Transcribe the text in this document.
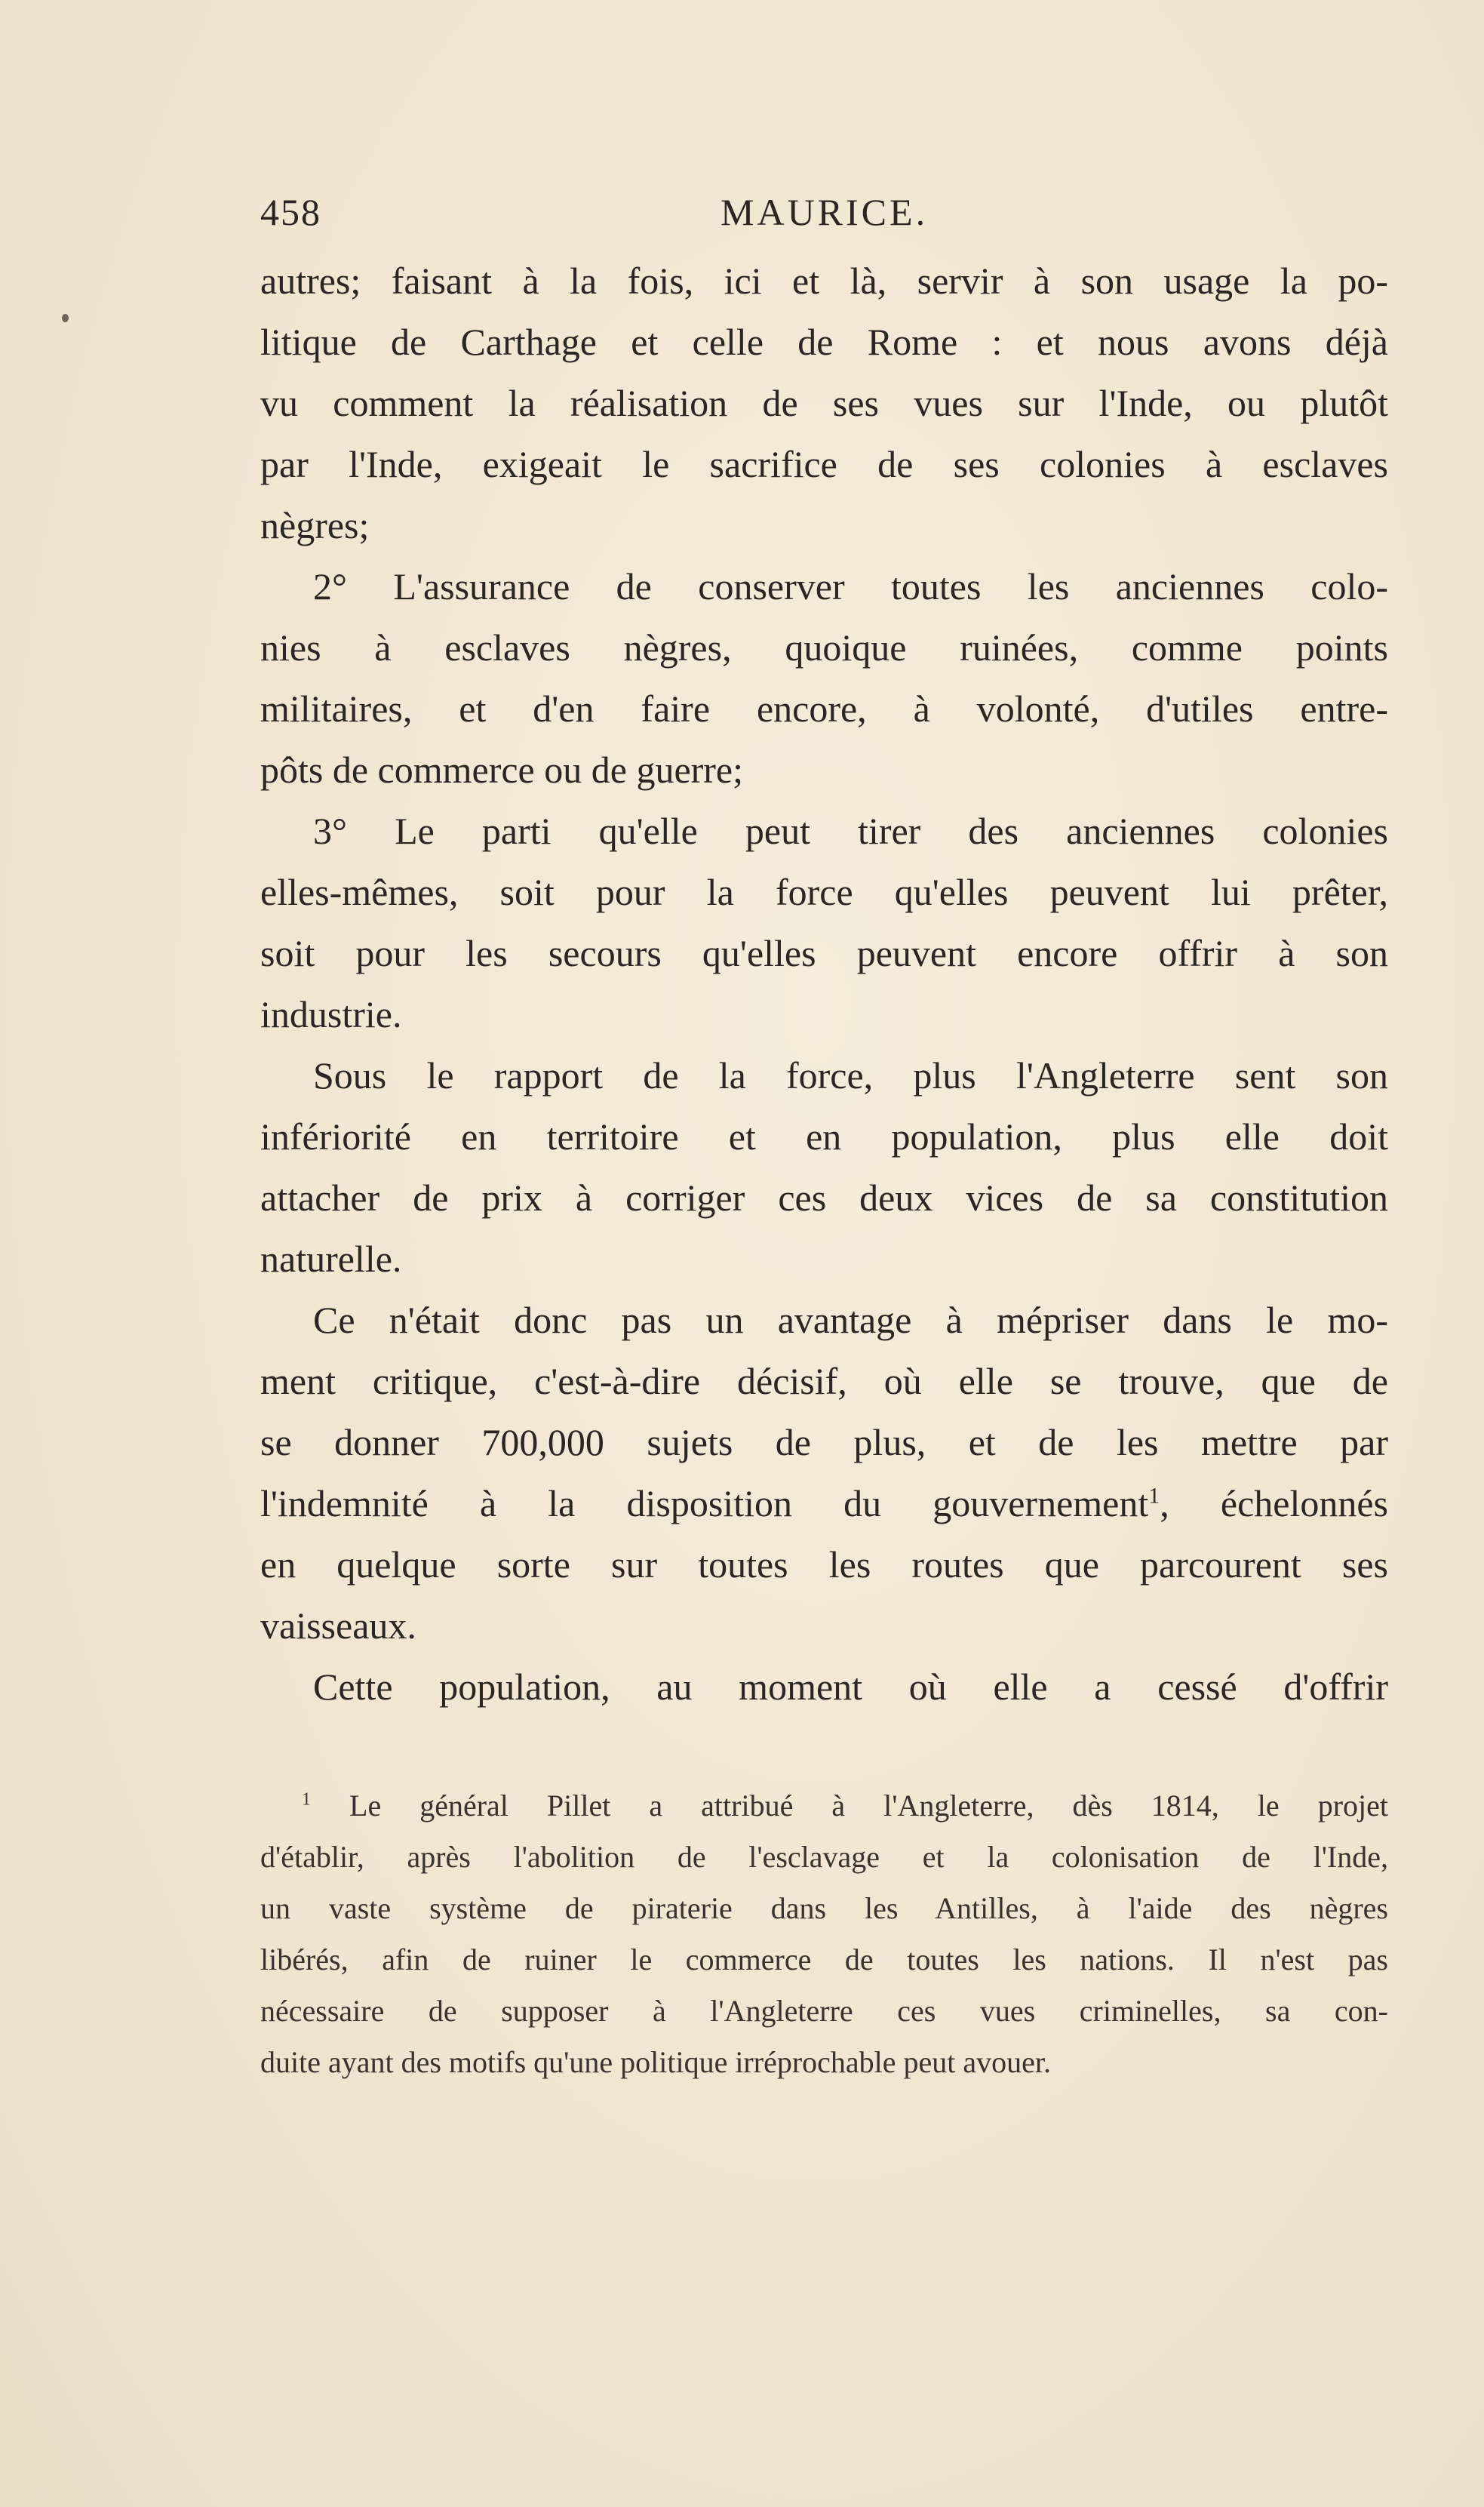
458	MAURICE.
autres; faisant à la fois, ici et là, servir à son usage la po-
litique de Carthage et celle de Rome : et nous avons déjà
vu comment la réalisation de ses vues sur l'Inde, ou plutôt
par l'Inde, exigeait le sacrifice de ses colonies à esclaves
nègres;
2° L'assurance de conserver toutes les anciennes colo-
nies à esclaves nègres, quoique ruinées, comme points
militaires, et d'en faire encore, à volonté, d'utiles entre-
pôts de commerce ou de guerre;
3° Le parti qu'elle peut tirer des anciennes colonies
elles-mêmes, soit pour la force qu'elles peuvent lui prêter,
soit pour les secours qu'elles peuvent encore offrir à son
industrie.
Sous le rapport de la force, plus l'Angleterre sent son
infériorité en territoire et en population, plus elle doit
attacher de prix à corriger ces deux vices de sa constitution
naturelle.
Ce n'était donc pas un avantage à mépriser dans le mo-
ment critique, c'est-à-dire décisif, où elle se trouve, que de
se donner 700,000 sujets de plus, et de les mettre par
l'indemnité à la disposition du gouvernement$^1$, échelonnés
en quelque sorte sur toutes les routes que parcourent ses
vaisseaux.
Cette population, au moment où elle a cessé d'offrir
$^1$ Le général Pillet a attribué à l'Angleterre, dès 1814, le projet
d'établir, après l'abolition de l'esclavage et la colonisation de l'Inde,
un vaste système de piraterie dans les Antilles, à l'aide des nègres
libérés, afin de ruiner le commerce de toutes les nations. Il n'est pas
nécessaire de supposer à l'Angleterre ces vues criminelles, sa con-
duite ayant des motifs qu'une politique irréprochable peut avouer.
